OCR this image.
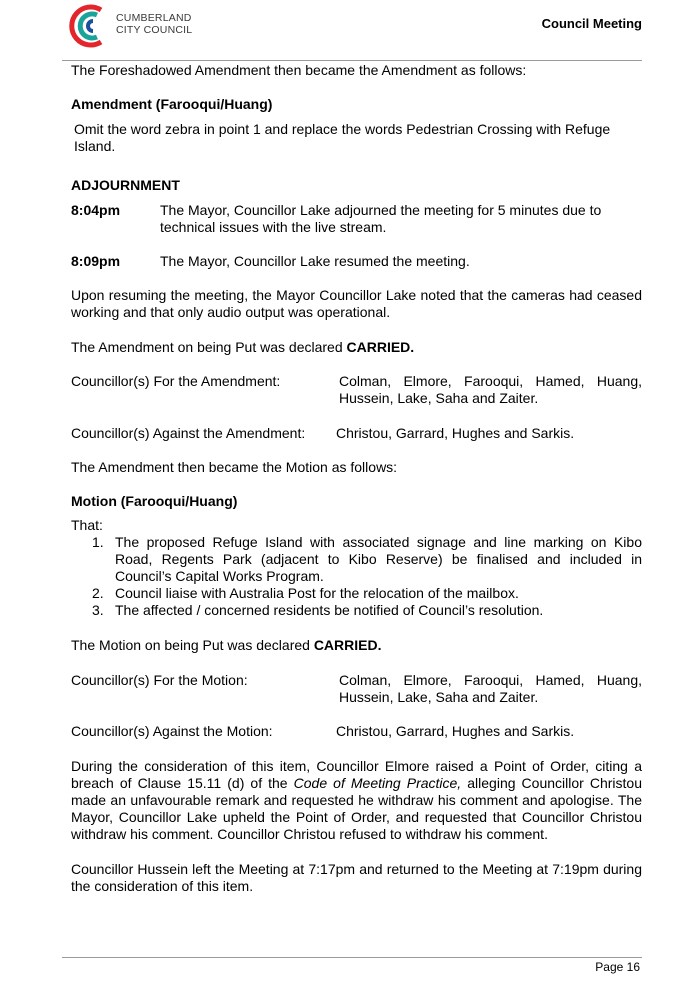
CUMBERLAND
CITY COUNCIL	Council Meeting
The Foreshadowed Amendment then became the Amendment as follows:
Amendment (Farooqui/Huang)
Omit the word zebra in point 1 and replace the words Pedestrian Crossing with Refuge Island.
ADJOURNMENT
8:04pm	The Mayor, Councillor Lake adjourned the meeting for 5 minutes due to technical issues with the live stream.
8:09pm	The Mayor, Councillor Lake resumed the meeting.
Upon resuming the meeting, the Mayor Councillor Lake noted that the cameras had ceased working and that only audio output was operational.
The Amendment on being Put was declared CARRIED.
Councillor(s) For the Amendment:	Colman, Elmore, Farooqui, Hamed, Huang, Hussein, Lake, Saha and Zaiter.
Councillor(s) Against the Amendment: Christou, Garrard, Hughes and Sarkis.
The Amendment then became the Motion as follows:
Motion (Farooqui/Huang)
That:
1. The proposed Refuge Island with associated signage and line marking on Kibo Road, Regents Park (adjacent to Kibo Reserve) be finalised and included in Council’s Capital Works Program.
2. Council liaise with Australia Post for the relocation of the mailbox.
3. The affected / concerned residents be notified of Council’s resolution.
The Motion on being Put was declared CARRIED.
Councillor(s) For the Motion:	Colman, Elmore, Farooqui, Hamed, Huang, Hussein, Lake, Saha and Zaiter.
Councillor(s) Against the Motion:	Christou, Garrard, Hughes and Sarkis.
During the consideration of this item, Councillor Elmore raised a Point of Order, citing a breach of Clause 15.11 (d) of the Code of Meeting Practice, alleging Councillor Christou made an unfavourable remark and requested he withdraw his comment and apologise. The Mayor, Councillor Lake upheld the Point of Order, and requested that Councillor Christou withdraw his comment. Councillor Christou refused to withdraw his comment.
Councillor Hussein left the Meeting at 7:17pm and returned to the Meeting at 7:19pm during the consideration of this item.
Page 16
